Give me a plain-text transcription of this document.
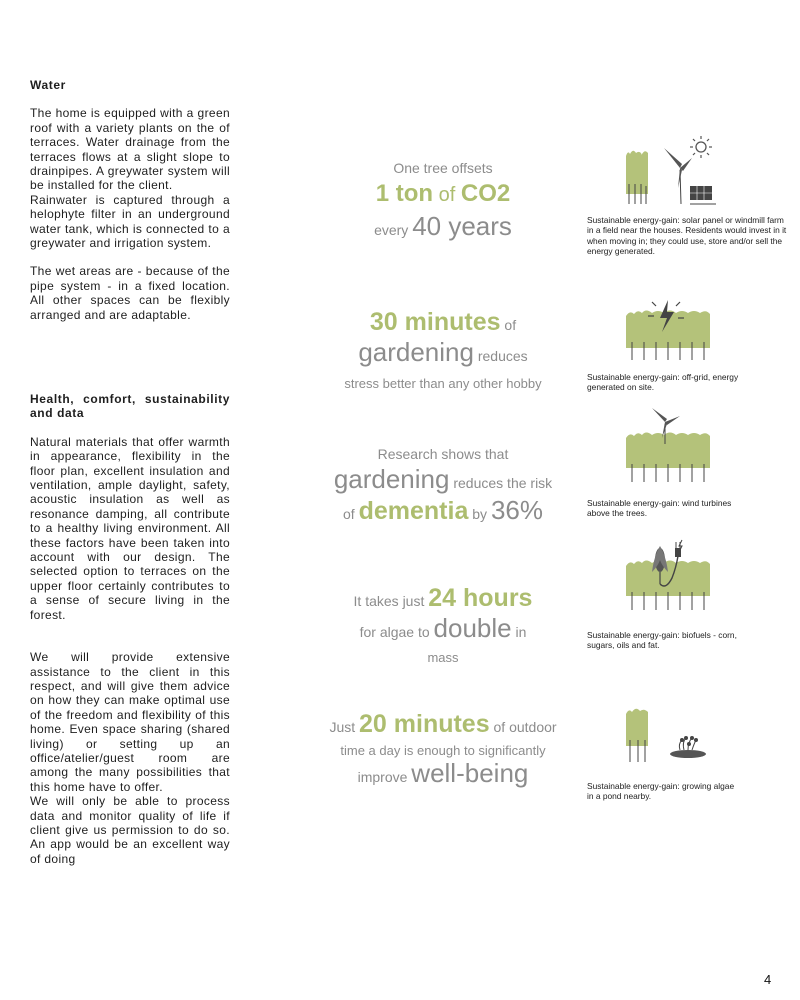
Water

The home is equipped with a green roof with a variety plants on the of terraces. Water drainage from the terraces flows at a slight slope to drainpipes. A greywater system will be installed for the client.

Rainwater is captured through a helophyte filter in an underground water tank, which is connected to a greywater and irrigation system.

The wet areas are - because of the pipe system - in a fixed location. All other spaces can be flexibly arranged and are adaptable.

Health, comfort, sustainability and data

Natural materials that offer warmth in appearance, flexibility in the floor plan, excellent insulation and ventilation, ample daylight, safety, acoustic insulation as well as resonance damping, all contribute to a healthy living environment. All these factors have been taken into account with our design. The selected option to terraces on the upper floor certainly contributes to a sense of secure living in the forest.

We will provide extensive assistance to the client in this respect, and will give them advice on how they can make optimal use of the freedom and flexibility of this home. Even space sharing (shared living) or setting up an office/atelier/guest room are among the many possibilities that this home have to offer.

We will only be able to process data and monitor quality of life if client give us permission to do so. An app would be an excellent way of doing

One tree offsets
1 ton of CO2
every 40 years
30 minutes of
gardening reduces
stress better than any other hobby
Research shows that
gardening reduces the risk
of dementia by 36%
It takes just 24 hours
for algae to double in
mass
Just 20 minutes of outdoor
time a day is enough to significantly
improve well-being
Sustainable energy-gain: solar panel or windmill farm in a field near the houses. Residents would invest in it when moving in; they could use, store and/or sell the energy generated.
Sustainable energy-gain: off-grid, energy generated on site.
Sustainable energy-gain: wind turbines above the trees.
Sustainable energy-gain: biofuels - corn, sugars, oils and fat.
Sustainable energy-gain: growing algae in a pond nearby.
4
